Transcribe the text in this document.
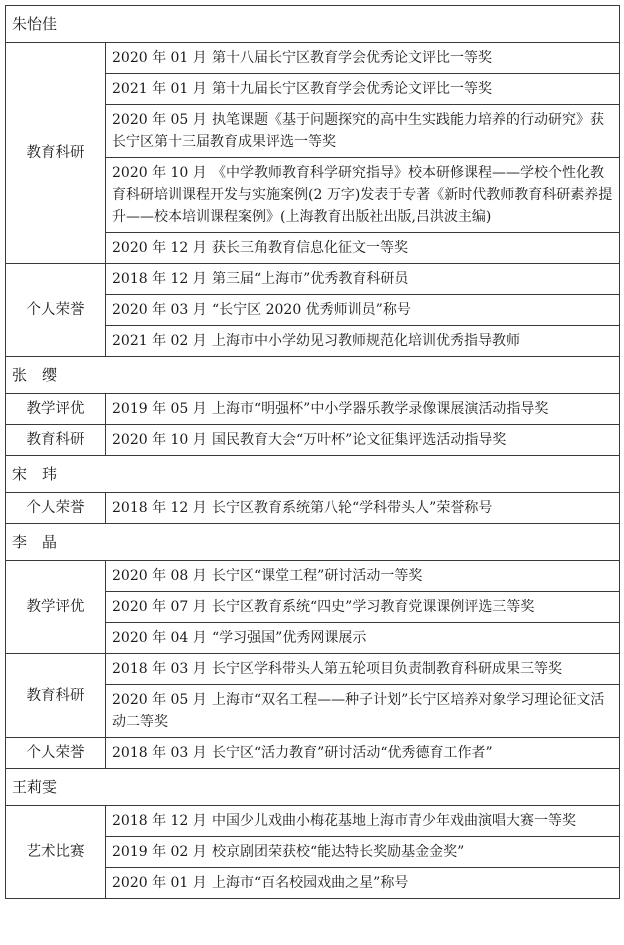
朱怡佳	
教育科研	2020 年 01 月 第十八届长宁区教育学会优秀论文评比一等奖
	2021 年 01 月 第十九届长宁区教育学会优秀论文评比一等奖
	2020 年 05 月 执笔课题《基于问题探究的高中生实践能力培养的行动研究》获长宁区第十三届教育成果评选一等奖
	2020 年 10 月 《中学教师教育科学研究指导》校本研修课程——学校个性化教育科研培训课程开发与实施案例(2 万字)发表于专著《新时代教师教育科研素养提升——校本培训课程案例》(上海教育出版社出版,吕洪波主编)
	2020 年 12 月 获长三角教育信息化征文一等奖
个人荣誉	2018 年 12 月 第三届“上海市”优秀教育科研员
	2020 年 03 月 “长宁区 2020 优秀师训员”称号
	2021 年 02 月 上海市中小学幼见习教师规范化培训优秀指导教师
张　缨	
教学评优	2019 年 05 月 上海市“明强杯”中小学器乐教学录像课展演活动指导奖
教育科研	2020 年 10 月 国民教育大会“万叶杯”论文征集评选活动指导奖
宋　玮	
个人荣誉	2018 年 12 月 长宁区教育系统第八轮“学科带头人”荣誉称号
李　晶	
教学评优	2020 年 08 月 长宁区“课堂工程”研讨活动一等奖
	2020 年 07 月 长宁区教育系统“四史”学习教育党课课例评选三等奖
	2020 年 04 月 “学习强国”优秀网课展示
教育科研	2018 年 03 月 长宁区学科带头人第五轮项目负责制教育科研成果三等奖
	2020 年 05 月 上海市“双名工程——种子计划”长宁区培养对象学习理论征文活动二等奖
个人荣誉	2018 年 03 月 长宁区“活力教育”研讨活动“优秀德育工作者”
王莉雯	
艺术比赛	2018 年 12 月 中国少儿戏曲小梅花基地上海市青少年戏曲演唱大赛一等奖
	2019 年 02 月 校京剧团荣获校“能达特长奖励基金金奖”
	2020 年 01 月 上海市“百名校园戏曲之星”称号
